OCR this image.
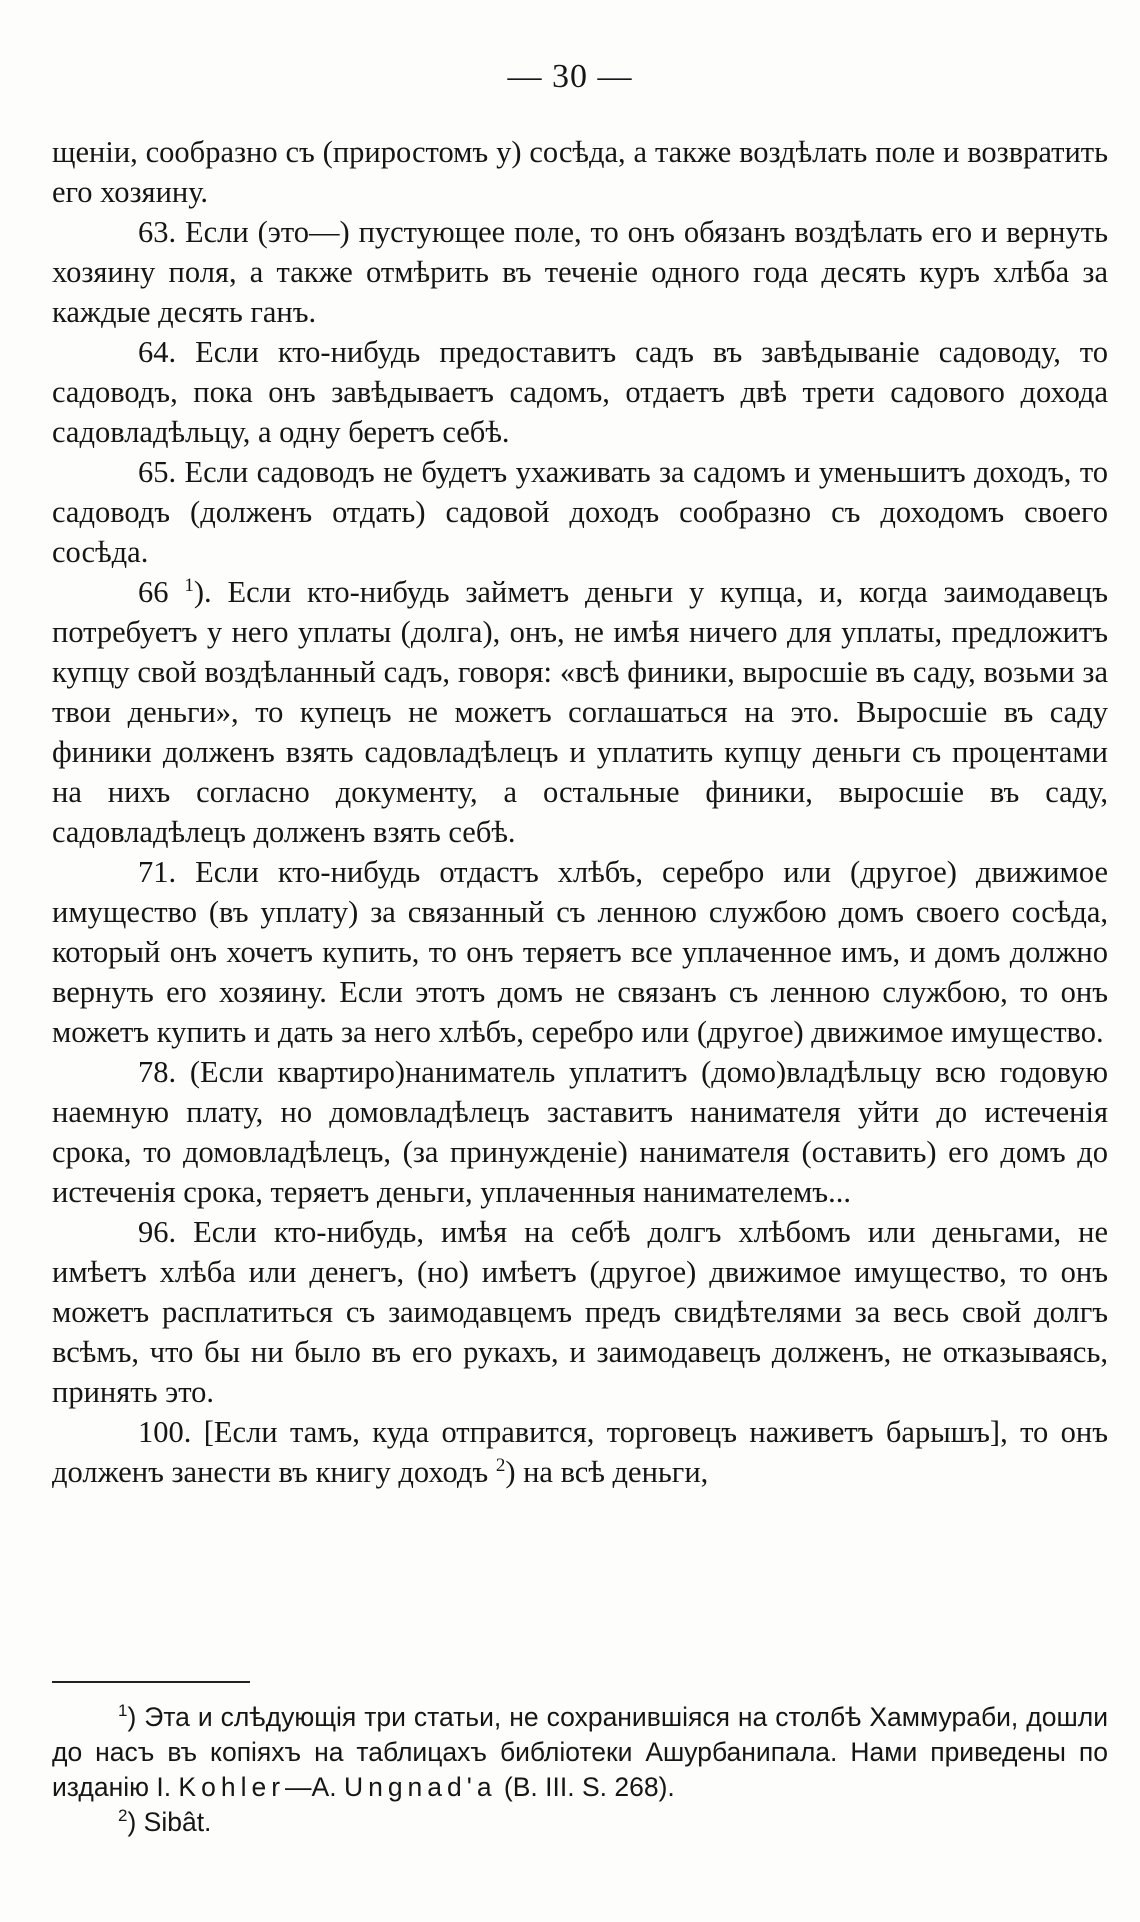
— 30 —

щеніи, сообразно съ (приростомъ у) сосѣда, а также воздѣлать поле и возвратить его хозяину.

63. Если (это—) пустующее поле, то онъ обязанъ воздѣлать его и вернуть хозяину поля, а также отмѣрить въ теченіе одного года десять куръ хлѣба за каждые десять ганъ.

64. Если кто-нибудь предоставитъ садъ въ завѣдываніе садоводу, то садоводъ, пока онъ завѣдываетъ садомъ, отдаетъ двѣ трети садового дохода садовладѣльцу, а одну беретъ себѣ.

65. Если садоводъ не будетъ ухаживать за садомъ и уменьшитъ доходъ, то садоводъ (долженъ отдать) садовой доходъ сообразно съ доходомъ своего сосѣда.

66 $^1$). Если кто-нибудь займетъ деньги у купца, и, когда заимодавецъ потребуетъ у него уплаты (долга), онъ, не имѣя ничего для уплаты, предложитъ купцу свой воздѣланный садъ, говоря: «всѣ финики, выросшіе въ саду, возьми за твои деньги», то купецъ не можетъ соглашаться на это. Выросшіе въ саду финики долженъ взять садовладѣлецъ и уплатить купцу деньги съ процентами на нихъ согласно документу, а остальные финики, выросшіе въ саду, садовладѣлецъ долженъ взять себѣ.

71. Если кто-нибудь отдастъ хлѣбъ, серебро или (другое) движимое имущество (въ уплату) за связанный съ ленною службою домъ своего сосѣда, который онъ хочетъ купить, то онъ теряетъ все уплаченное имъ, и домъ должно вернуть его хозяину. Если этотъ домъ не связанъ съ ленною службою, то онъ можетъ купить и дать за него хлѣбъ, серебро или (другое) движимое имущество.

78. (Если квартиро)наниматель уплатитъ (домо)владѣльцу всю годовую наемную плату, но домовладѣлецъ заставитъ нанимателя уйти до истеченія срока, то домовладѣлецъ, (за принужденіе) нанимателя (оставить) его домъ до истеченія срока, теряетъ деньги, уплаченныя нанимателемъ...

96. Если кто-нибудь, имѣя на себѣ долгъ хлѣбомъ или деньгами, не имѣетъ хлѣба или денегъ, (но) имѣетъ (другое) движимое имущество, то онъ можетъ расплатиться съ заимодавцемъ предъ свидѣтелями за весь свой долгъ всѣмъ, что бы ни было въ его рукахъ, и заимодавецъ долженъ, не отказываясь, принять это.

100. [Если тамъ, куда отправится, торговецъ наживетъ барышъ], то онъ долженъ занести въ книгу доходъ $^2$) на всѣ деньги,

$^1$) Эта и слѣдующія три статьи, не сохранившіяся на столбѣ Хаммураби, дошли до насъ въ копіяхъ на таблицахъ библіотеки Ашурбанипала. Нами приведены по изданію I. Kohler—A. Ungnad'a (B. III. S. 268).

$^2$) Sibât.
